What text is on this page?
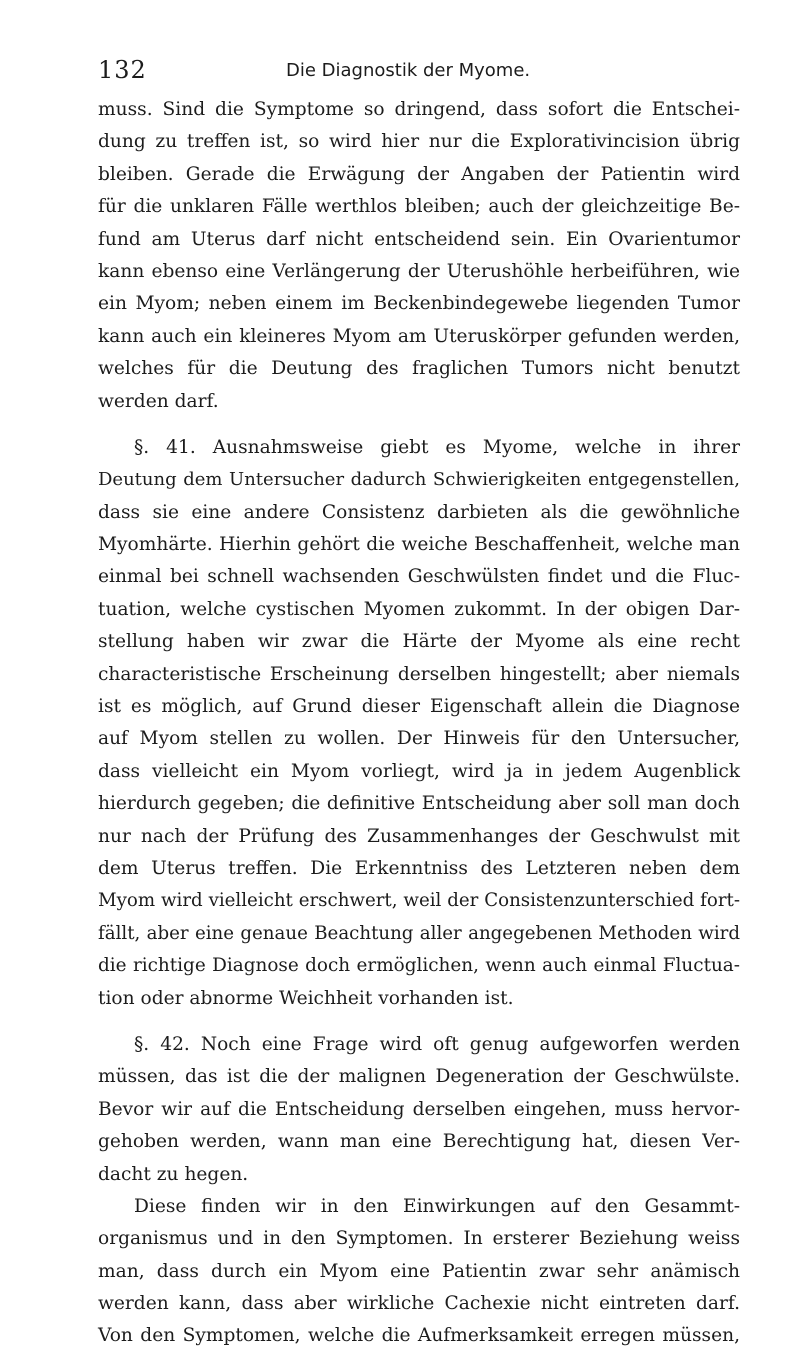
132	Die Diagnostik der Myome.

muss. Sind die Symptome so dringend, dass sofort die Entschei-
dung zu treffen ist, so wird hier nur die Explorativincision übrig
bleiben. Gerade die Erwägung der Angaben der Patientin wird
für die unklaren Fälle werthlos bleiben; auch der gleichzeitige Be-
fund am Uterus darf nicht entscheidend sein. Ein Ovarientumor
kann ebenso eine Verlängerung der Uterushöhle herbeiführen, wie
ein Myom; neben einem im Beckenbindegewebe liegenden Tumor
kann auch ein kleineres Myom am Uteruskörper gefunden werden,
welches für die Deutung des fraglichen Tumors nicht benutzt
werden darf.

§. 41. Ausnahmsweise giebt es Myome, welche in ihrer
Deutung dem Untersucher dadurch Schwierigkeiten entgegenstellen,
dass sie eine andere Consistenz darbieten als die gewöhnliche
Myomhärte. Hierhin gehört die weiche Beschaffenheit, welche man
einmal bei schnell wachsenden Geschwülsten findet und die Fluc-
tuation, welche cystischen Myomen zukommt. In der obigen Dar-
stellung haben wir zwar die Härte der Myome als eine recht
characteristische Erscheinung derselben hingestellt; aber niemals
ist es möglich, auf Grund dieser Eigenschaft allein die Diagnose
auf Myom stellen zu wollen. Der Hinweis für den Untersucher,
dass vielleicht ein Myom vorliegt, wird ja in jedem Augenblick
hierdurch gegeben; die definitive Entscheidung aber soll man doch
nur nach der Prüfung des Zusammenhanges der Geschwulst mit
dem Uterus treffen. Die Erkenntniss des Letzteren neben dem
Myom wird vielleicht erschwert, weil der Consistenzunterschied fort-
fällt, aber eine genaue Beachtung aller angegebenen Methoden wird
die richtige Diagnose doch ermöglichen, wenn auch einmal Fluctua-
tion oder abnorme Weichheit vorhanden ist.

§. 42. Noch eine Frage wird oft genug aufgeworfen werden
müssen, das ist die der malignen Degeneration der Geschwülste.
Bevor wir auf die Entscheidung derselben eingehen, muss hervor-
gehoben werden, wann man eine Berechtigung hat, diesen Ver-
dacht zu hegen.

Diese finden wir in den Einwirkungen auf den Gesammt-
organismus und in den Symptomen. In ersterer Beziehung weiss
man, dass durch ein Myom eine Patientin zwar sehr anämisch
werden kann, dass aber wirkliche Cachexie nicht eintreten darf.
Von den Symptomen, welche die Aufmerksamkeit erregen müssen,
